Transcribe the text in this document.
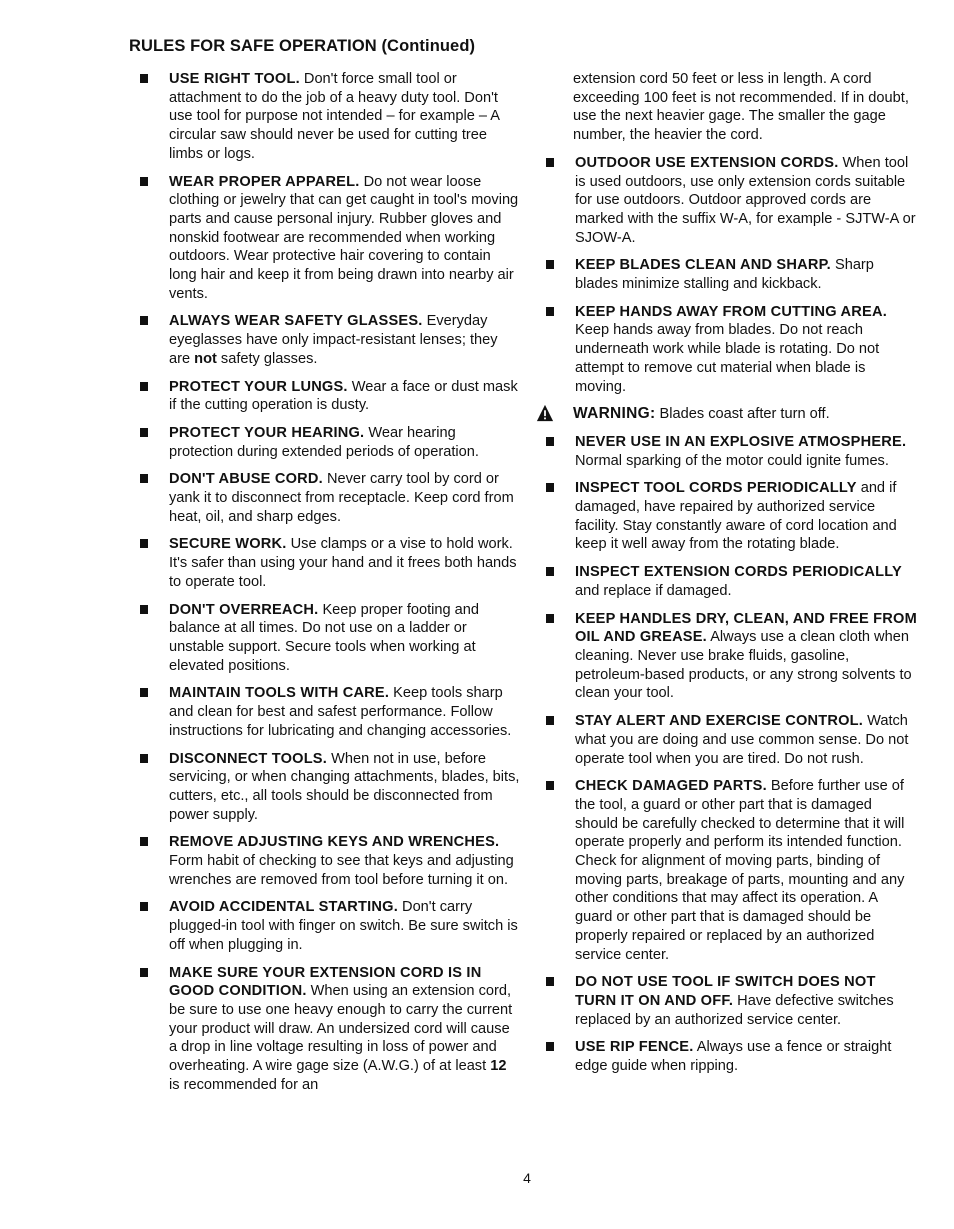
RULES FOR SAFE OPERATION (Continued)
USE RIGHT TOOL. Don't force small tool or attachment to do the job of a heavy duty tool. Don't use tool for purpose not intended – for example – A circular saw should never be used for cutting tree limbs or logs.
WEAR PROPER APPAREL. Do not wear loose clothing or jewelry that can get caught in tool's moving parts and cause personal injury. Rubber gloves and nonskid footwear are recommended when working outdoors. Wear protective hair covering to contain long hair and keep it from being drawn into nearby air vents.
ALWAYS WEAR SAFETY GLASSES. Everyday eyeglasses have only impact-resistant lenses; they are not safety glasses.
PROTECT YOUR LUNGS. Wear a face or dust mask if the cutting operation is dusty.
PROTECT YOUR HEARING. Wear hearing protection during extended periods of operation.
DON'T ABUSE CORD. Never carry tool by cord or yank it to disconnect from receptacle. Keep cord from heat, oil, and sharp edges.
SECURE WORK. Use clamps or a vise to hold work. It's safer than using your hand and it frees both hands to operate tool.
DON'T OVERREACH. Keep proper footing and balance at all times. Do not use on a ladder or unstable support. Secure tools when working at elevated positions.
MAINTAIN TOOLS WITH CARE. Keep tools sharp and clean for best and safest performance. Follow instructions for lubricating and changing accessories.
DISCONNECT TOOLS. When not in use, before servicing, or when changing attachments, blades, bits, cutters, etc., all tools should be disconnected from power supply.
REMOVE ADJUSTING KEYS AND WRENCHES. Form habit of checking to see that keys and adjusting wrenches are removed from tool before turning it on.
AVOID ACCIDENTAL STARTING. Don't carry plugged-in tool with finger on switch. Be sure switch is off when plugging in.
MAKE SURE YOUR EXTENSION CORD IS IN GOOD CONDITION. When using an extension cord, be sure to use one heavy enough to carry the current your product will draw. An undersized cord will cause a drop in line voltage resulting in loss of power and overheating. A wire gage size (A.W.G.) of at least 12 is recommended for an
extension cord 50 feet or less in length. A cord exceeding 100 feet is not recommended. If in doubt, use the next heavier gage. The smaller the gage number, the heavier the cord.
OUTDOOR USE EXTENSION CORDS. When tool is used outdoors, use only extension cords suitable for use outdoors. Outdoor approved cords are marked with the suffix W-A, for example - SJTW-A or SJOW-A.
KEEP BLADES CLEAN AND SHARP. Sharp blades minimize stalling and kickback.
KEEP HANDS AWAY FROM CUTTING AREA. Keep hands away from blades. Do not reach underneath work while blade is rotating. Do not attempt to remove cut material when blade is moving.
WARNING: Blades coast after turn off.
NEVER USE IN AN EXPLOSIVE ATMOSPHERE. Normal sparking of the motor could ignite fumes.
INSPECT TOOL CORDS PERIODICALLY and if damaged, have repaired by authorized service facility. Stay constantly aware of cord location and keep it well away from the rotating blade.
INSPECT EXTENSION CORDS PERIODICALLY and replace if damaged.
KEEP HANDLES DRY, CLEAN, AND FREE FROM OIL AND GREASE. Always use a clean cloth when cleaning. Never use brake fluids, gasoline, petroleum-based products, or any strong solvents to clean your tool.
STAY ALERT AND EXERCISE CONTROL. Watch what you are doing and use common sense. Do not operate tool when you are tired. Do not rush.
CHECK DAMAGED PARTS. Before further use of the tool, a guard or other part that is damaged should be carefully checked to determine that it will operate properly and perform its intended function. Check for alignment of moving parts, binding of moving parts, breakage of parts, mounting and any other conditions that may affect its operation. A guard or other part that is damaged should be properly repaired or replaced by an authorized service center.
DO NOT USE TOOL IF SWITCH DOES NOT TURN IT ON AND OFF. Have defective switches replaced by an authorized service center.
USE RIP FENCE. Always use a fence or straight edge guide when ripping.
4
